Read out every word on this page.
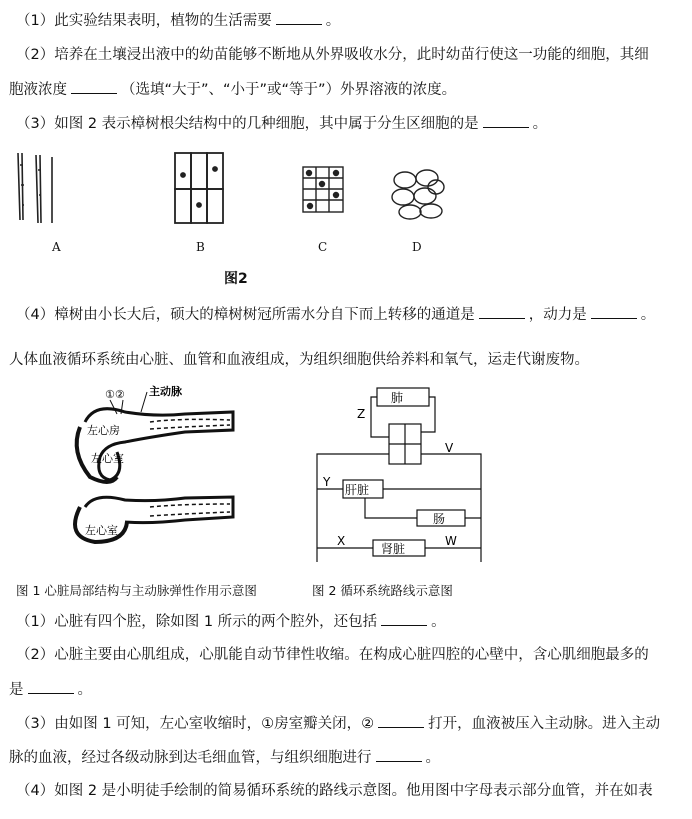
（1）此实验结果表明，植物的生活需要	。
（2）培养在土壤浸出液中的幼苗能够不断地从外界吸收水分，此时幼苗行使这一功能的细胞，其细
胞液浓度	（选填“大于”、“小于”或“等于”）外界溶液的浓度。
（3）如图 2 表示樟树根尖结构中的几种细胞，其中属于分生区细胞的是	。
A	B	C	D
图2
（4）樟树由小长大后，硕大的樟树树冠所需水分自下而上转移的通道是	，动力是	。
人体血液循环系统由心脏、血管和血液组成，为组织细胞供给养料和氧气，运走代谢废物。
①② 主动脉
左心房
左心室
左心室
肺
肝脏
肠
肾脏
Z
V
Y
X	W
图 1 心脏局部结构与主动脉弹性作用示意图	图 2 循环系统路线示意图
（1）心脏有四个腔，除如图 1 所示的两个腔外，还包括	。
（2）心脏主要由心肌组成，心肌能自动节律性收缩。在构成心脏四腔的心壁中，含心肌细胞最多的
是	。
（3）由如图 1 可知，左心室收缩时，①房室瓣关闭，②	打开，血液被压入主动脉。进入主动
脉的血液，经过各级动脉到达毛细血管，与组织细胞进行	。
（4）如图 2 是小明徒手绘制的简易循环系统的路线示意图。他用图中字母表示部分血管，并在如表
